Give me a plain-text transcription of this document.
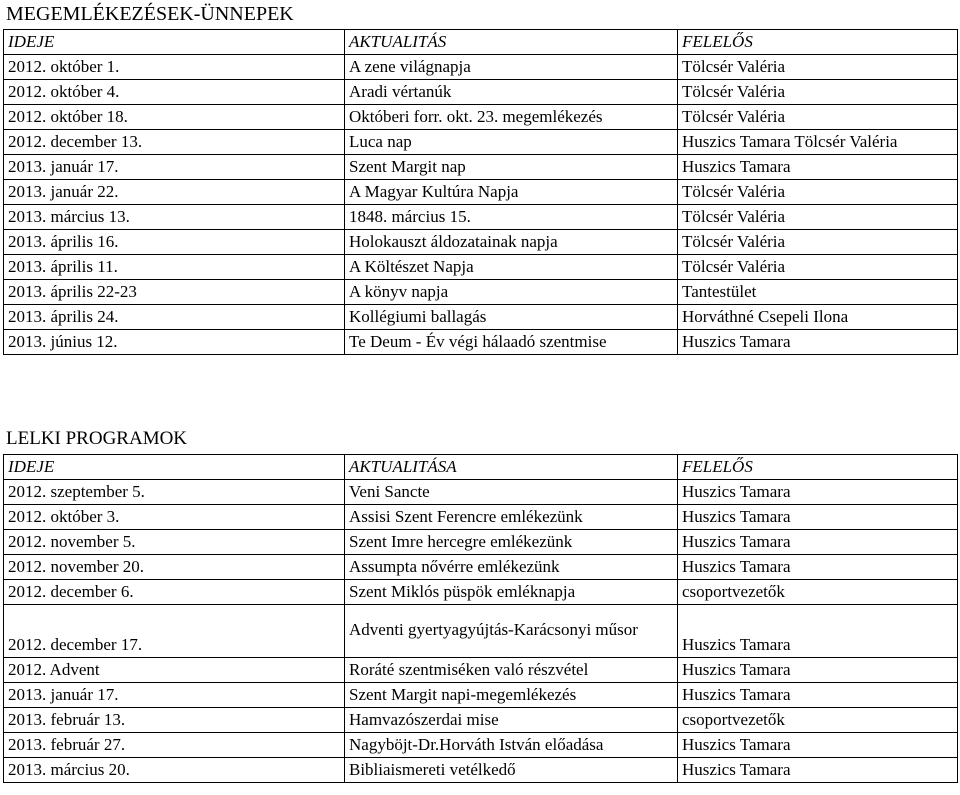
MEGEMLÉKEZÉSEK-ÜNNEPEK
IDEJE	AKTUALITÁS	FELELŐS
2012. október 1.	A zene világnapja	Tölcsér Valéria
2012. október 4.	Aradi vértanúk	Tölcsér Valéria
2012. október 18.	Októberi forr. okt. 23. megemlékezés	Tölcsér Valéria
2012. december 13.	Luca nap	Huszics Tamara Tölcsér Valéria
2013. január 17.	Szent Margit nap	Huszics Tamara
2013. január 22.	A Magyar Kultúra Napja	Tölcsér Valéria
2013. március 13.	1848. március 15.	Tölcsér Valéria
2013. április 16.	Holokauszt áldozatainak napja	Tölcsér Valéria
2013. április 11.	A Költészet Napja	Tölcsér Valéria
2013. április 22-23	A könyv napja	Tantestület
2013. április 24.	Kollégiumi ballagás	Horváthné Csepeli Ilona
2013. június 12.	Te Deum - Év végi hálaadó szentmise	Huszics Tamara
LELKI PROGRAMOK
IDEJE	AKTUALITÁSA	FELELŐS
2012. szeptember 5.	Veni Sancte	Huszics Tamara
2012. október 3.	Assisi Szent Ferencre emlékezünk	Huszics Tamara
2012. november 5.	Szent Imre hercegre emlékezünk	Huszics Tamara
2012. november 20.	Assumpta nővérre emlékezünk	Huszics Tamara
2012. december 6.	Szent Miklós püspök emléknapja	csoportvezetők
2012. december 17.	Adventi gyertyagyújtás-Karácsonyi műsor	Huszics Tamara
2012. Advent	Roráté szentmiséken való részvétel	Huszics Tamara
2013. január 17.	Szent Margit napi-megemlékezés	Huszics Tamara
2013. február 13.	Hamvazószerdai mise	csoportvezetők
2013. február 27.	Nagyböjt-Dr.Horváth István előadása	Huszics Tamara
2013. március 20.	Bibliaismereti vetélkedő	Huszics Tamara
